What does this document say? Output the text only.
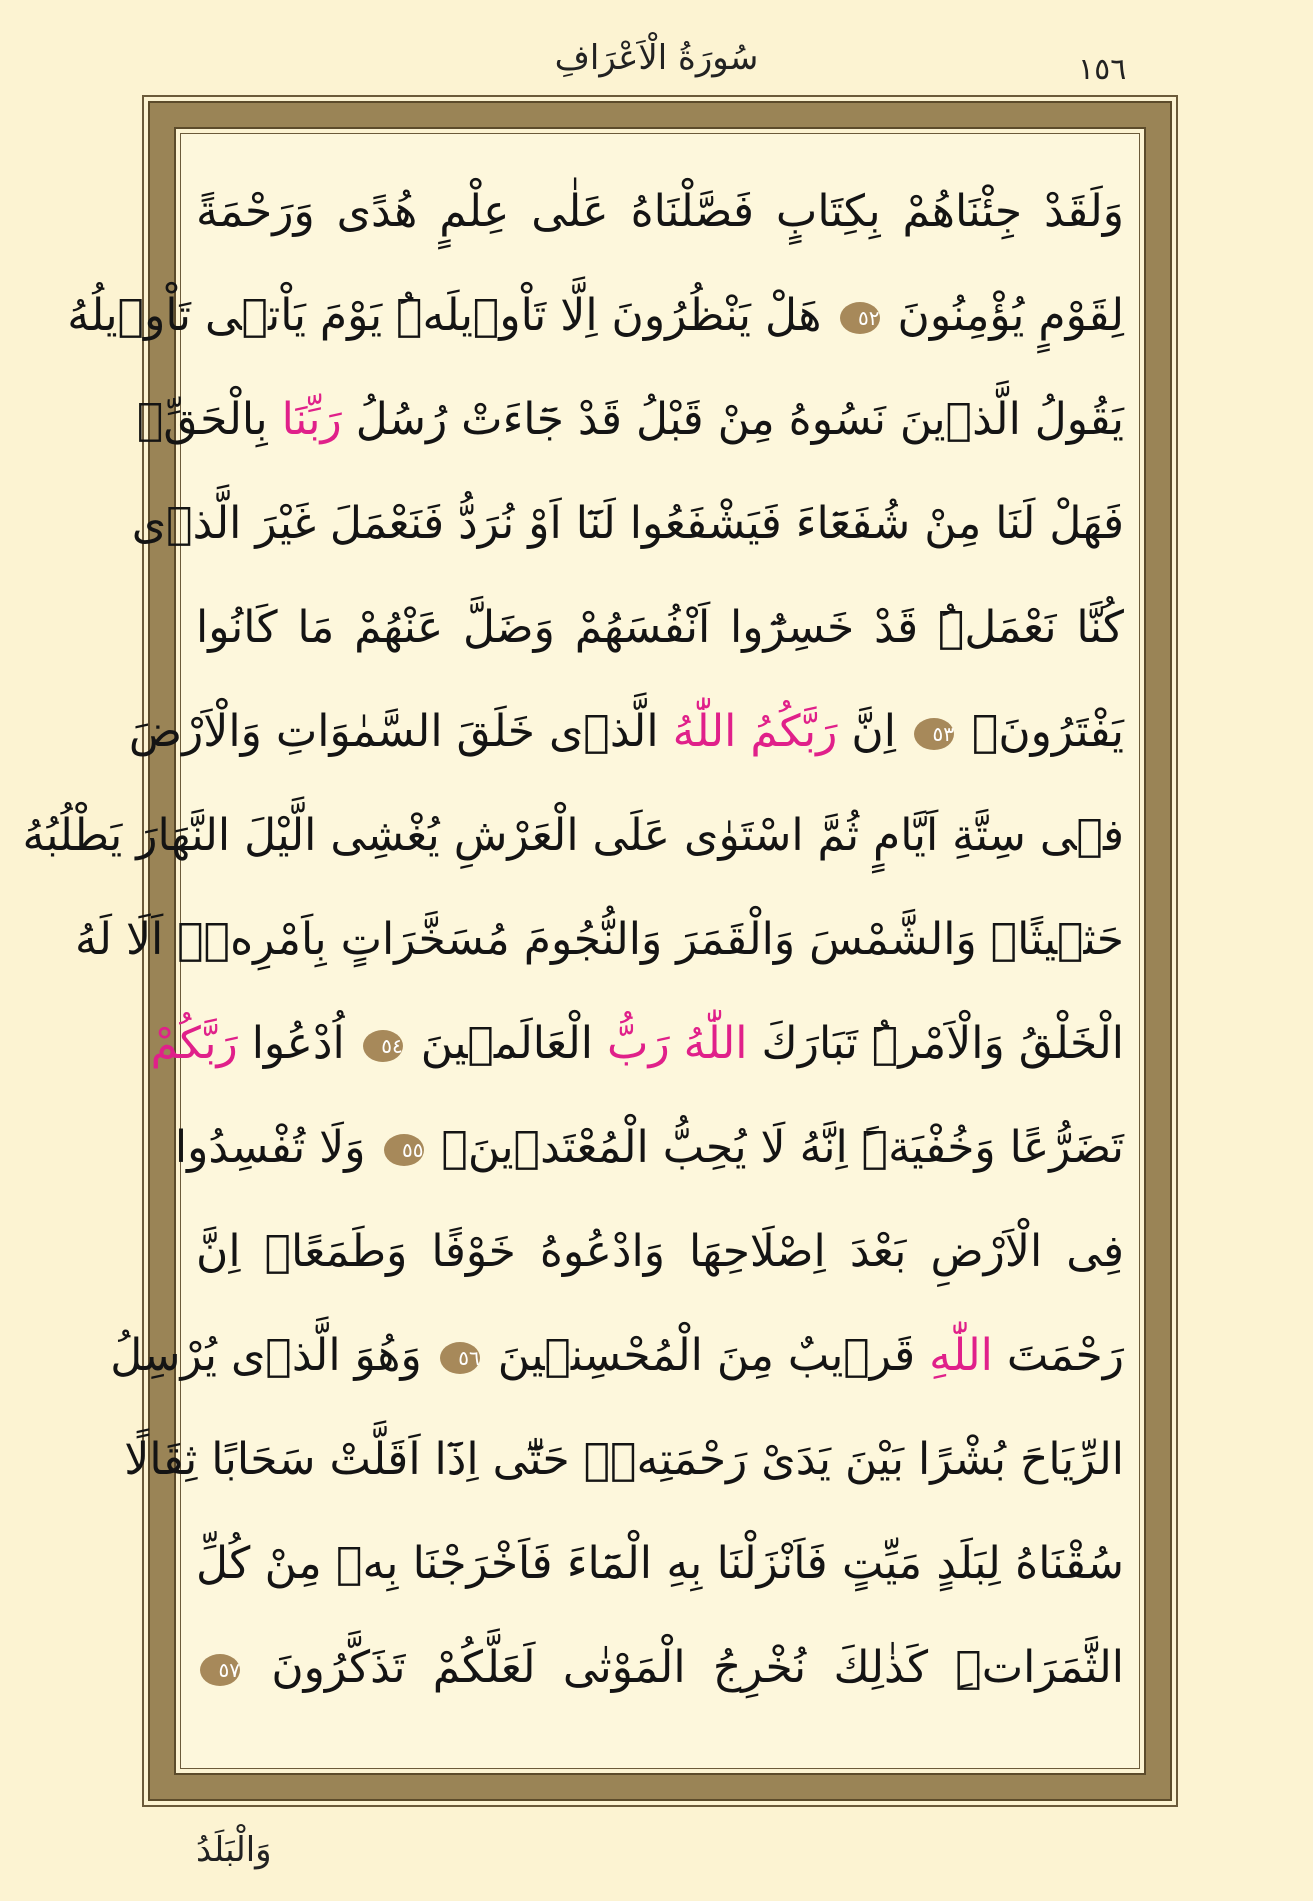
سُورَةُ الْاَعْرَافِ	١٥٦
وَلَقَدْ جِئْنَاهُمْ بِكِتَابٍ فَصَّلْنَاهُ عَلٰى عِلْمٍ هُدًى وَرَحْمَةً
لِقَوْمٍ يُؤْمِنُونَ ٥٢ هَلْ يَنْظُرُونَ اِلَّا تَاْوٖيلَهُۜ يَوْمَ يَاْتٖى تَاْوٖيلُهُ
يَقُولُ الَّذٖينَ نَسُوهُ مِنْ قَبْلُ قَدْ جَٓاءَتْ رُسُلُ رَبِّنَا بِالْحَقِّۚ
فَهَلْ لَنَا مِنْ شُفَعَٓاءَ فَيَشْفَعُوا لَنَٓا اَوْ نُرَدُّ فَنَعْمَلَ غَيْرَ الَّذٖى
كُنَّا نَعْمَلُۜ قَدْ خَسِرُٓوا اَنْفُسَهُمْ وَضَلَّ عَنْهُمْ مَا كَانُوا
يَفْتَرُونَۚ ٥٣ اِنَّ رَبَّكُمُ اللّٰهُ الَّذٖى خَلَقَ السَّمٰوَاتِ وَالْاَرْضَ
فٖى سِتَّةِ اَيَّامٍ ثُمَّ اسْتَوٰى عَلَى الْعَرْشِ يُغْشِى الَّيْلَ النَّهَارَ يَطْلُبُهُ
حَثٖيثًاۙ وَالشَّمْسَ وَالْقَمَرَ وَالنُّجُومَ مُسَخَّرَاتٍ بِاَمْرِهٖۜ اَلَا لَهُ
الْخَلْقُ وَالْاَمْرُۜ تَبَارَكَ اللّٰهُ رَبُّ الْعَالَمٖينَ ٥٤ اُدْعُوا رَبَّكُمْ
تَضَرُّعًا وَخُفْيَةًۜ اِنَّهُ لَا يُحِبُّ الْمُعْتَدٖينَۚ ٥٥ وَلَا تُفْسِدُوا
فِى الْاَرْضِ بَعْدَ اِصْلَاحِهَا وَادْعُوهُ خَوْفًا وَطَمَعًاۜ اِنَّ
رَحْمَتَ اللّٰهِ قَرٖيبٌ مِنَ الْمُحْسِنٖينَ ٥٦ وَهُوَ الَّذٖى يُرْسِلُ
الرِّيَاحَ بُشْرًا بَيْنَ يَدَىْ رَحْمَتِهٖۜ حَتّٰٓى اِذَٓا اَقَلَّتْ سَحَابًا ثِقَالًا
سُقْنَاهُ لِبَلَدٍ مَيِّتٍ فَاَنْزَلْنَا بِهِ الْمَٓاءَ فَاَخْرَجْنَا بِهٖ مِنْ كُلِّ
الثَّمَرَاتِۜ كَذٰلِكَ نُخْرِجُ الْمَوْتٰى لَعَلَّكُمْ تَذَكَّرُونَ ٥٧
وَالْبَلَدُ
